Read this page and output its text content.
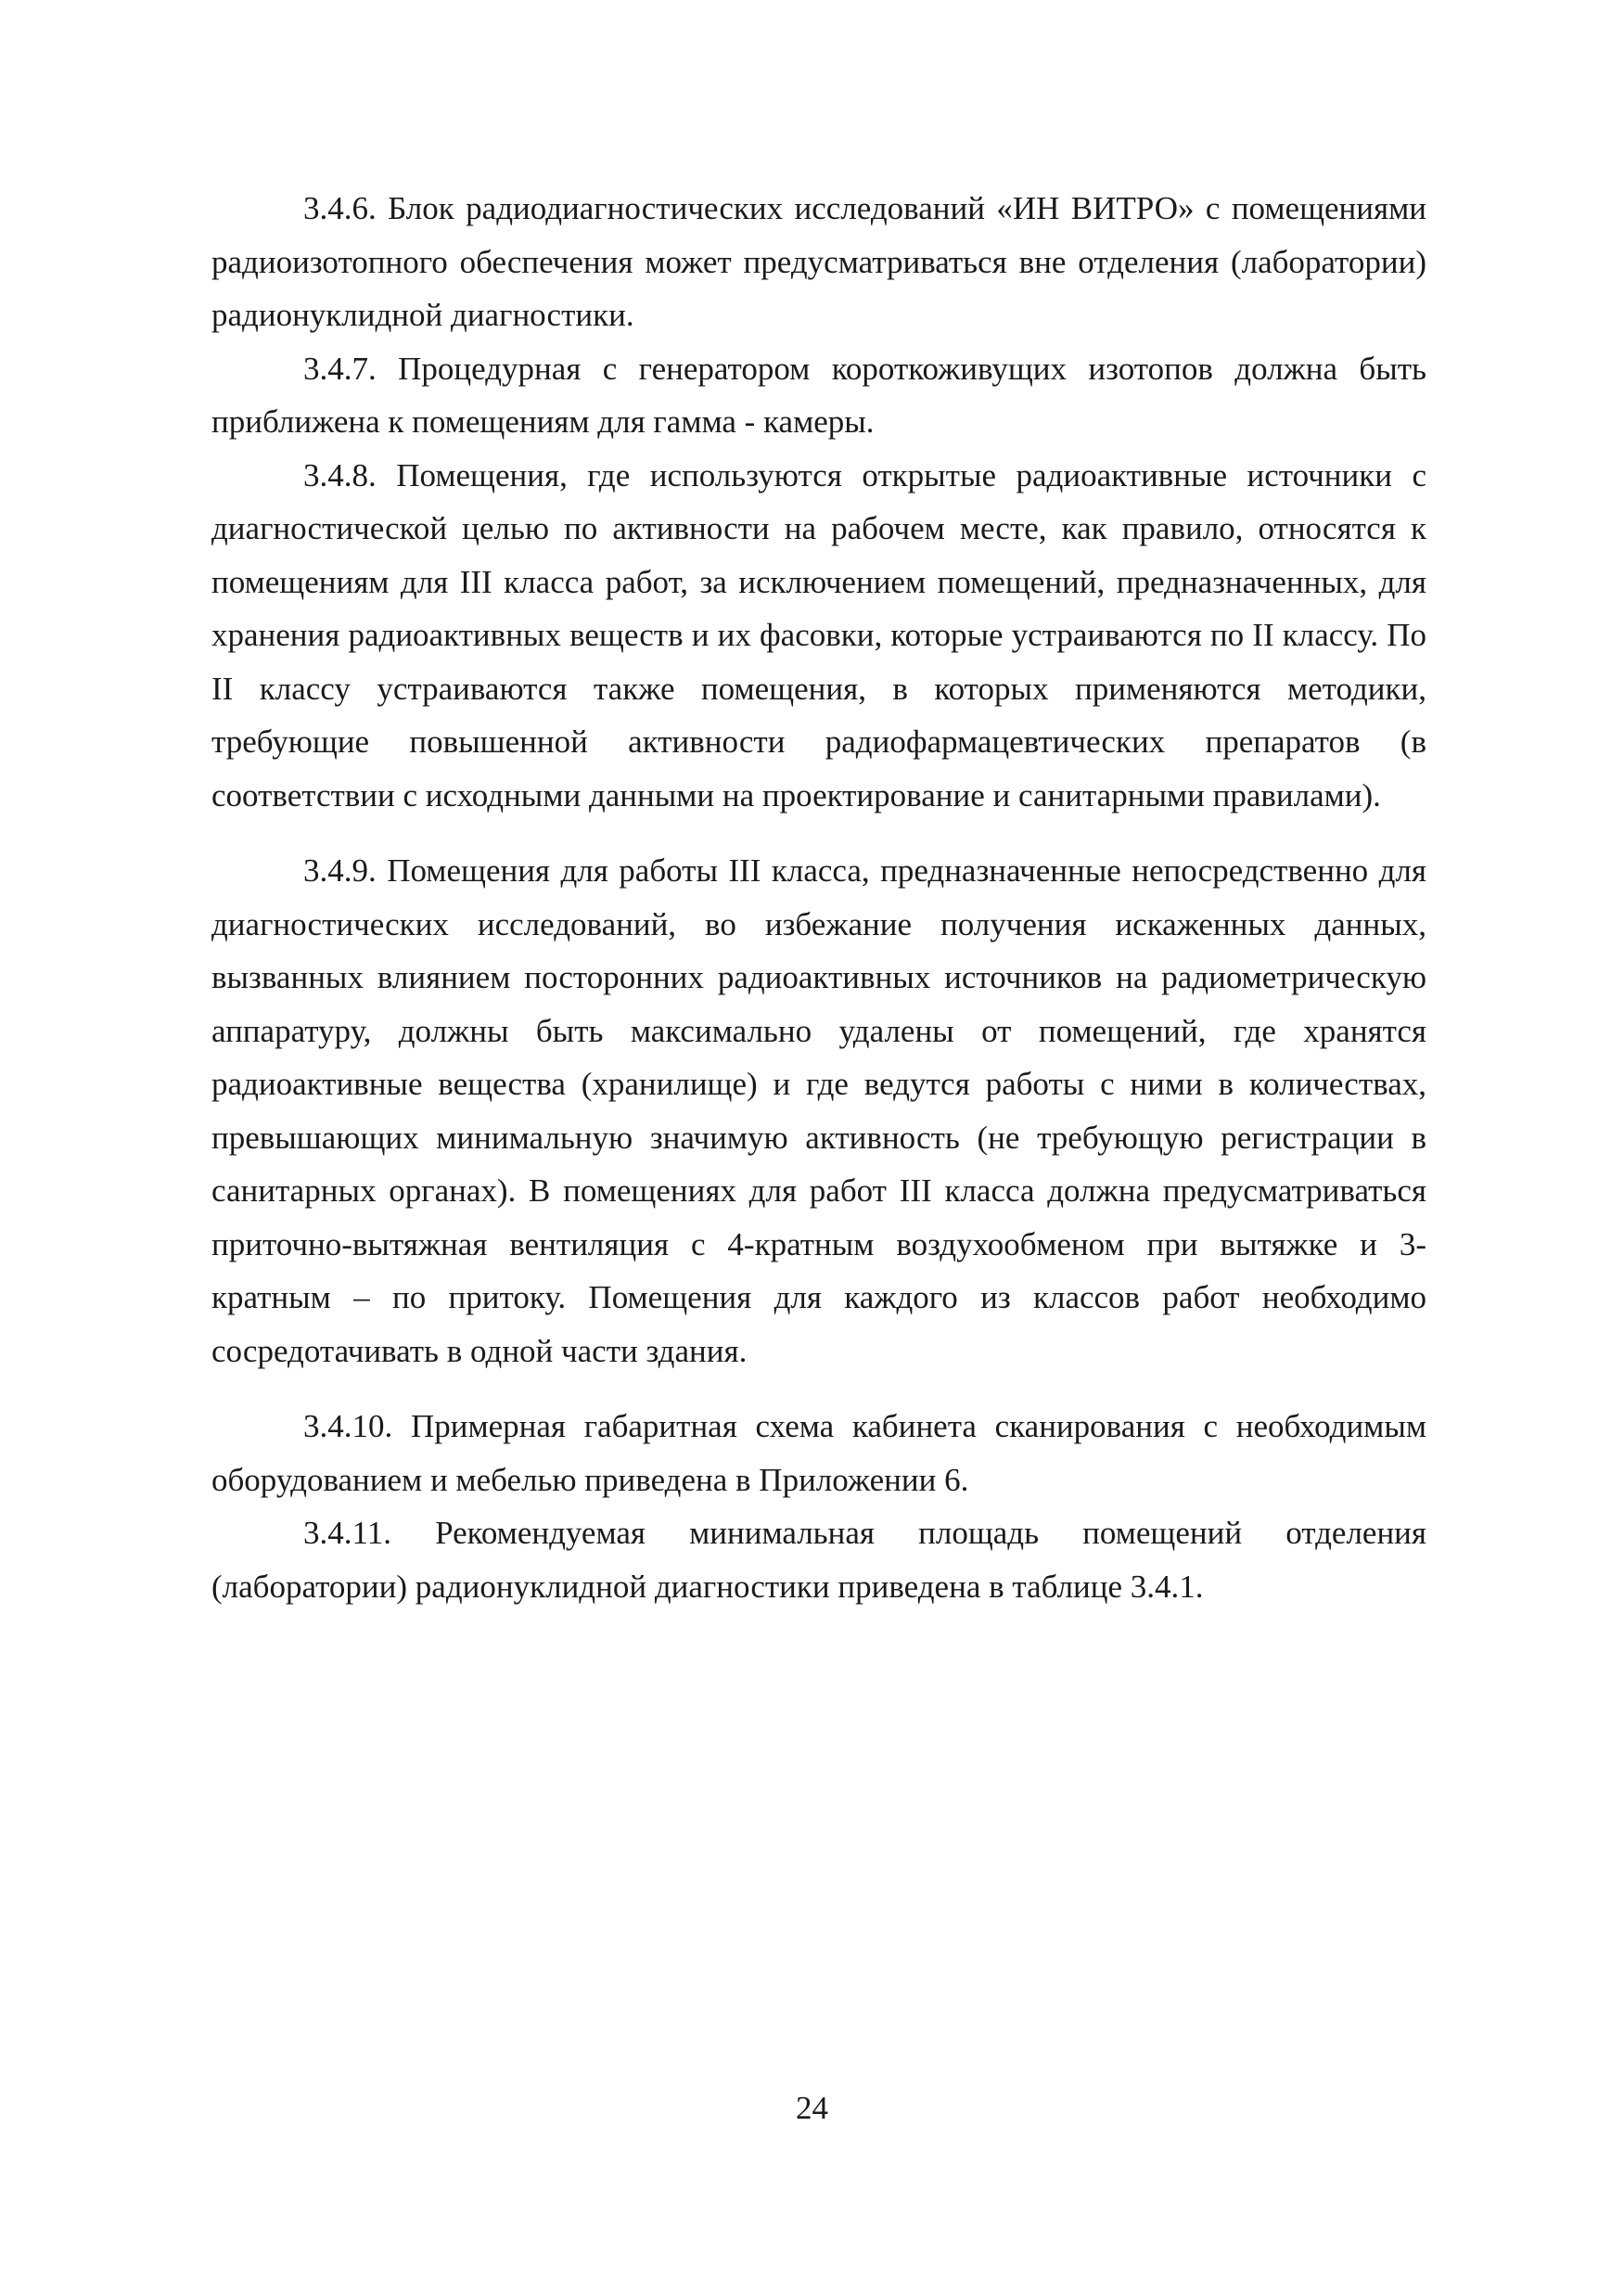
3.4.6. Блок радиодиагностических исследований «ИН ВИТРО» с помещениями радиоизотопного обеспечения может предусматриваться вне отделения (лаборатории) радионуклидной диагностики.

3.4.7. Процедурная с генератором короткоживущих изотопов должна быть приближена к помещениям для гамма - камеры.

3.4.8. Помещения, где используются открытые радиоактивные источники с диагностической целью по активности на рабочем месте, как правило, относятся к помещениям для III класса работ, за исключением помещений, предназначенных, для хранения радиоактивных веществ и их фасовки, которые устраиваются по II классу. По II классу устраиваются также помещения, в которых применяются методики, требующие повышенной активности радиофармацевтических препаратов (в соответствии с исходными данными на проектирование и санитарными правилами).

3.4.9. Помещения для работы III класса, предназначенные непосредственно для диагностических исследований, во избежание получения искаженных данных, вызванных влиянием посторонних радиоактивных источников на радиометрическую аппаратуру, должны быть максимально удалены от помещений, где хранятся радиоактивные вещества (хранилище) и где ведутся работы с ними в количествах, превышающих минимальную значимую активность (не требующую регистрации в санитарных органах). В помещениях для работ III класса должна предусматриваться приточно-вытяжная вентиляция с 4-кратным воздухообменом при вытяжке и 3-кратным – по притоку. Помещения для каждого из классов работ необходимо сосредотачивать в одной части здания.

3.4.10. Примерная габаритная схема кабинета сканирования с необходимым оборудованием и мебелью приведена в Приложении 6.

3.4.11. Рекомендуемая минимальная площадь помещений отделения (лаборатории) радионуклидной диагностики приведена в таблице 3.4.1.

24
